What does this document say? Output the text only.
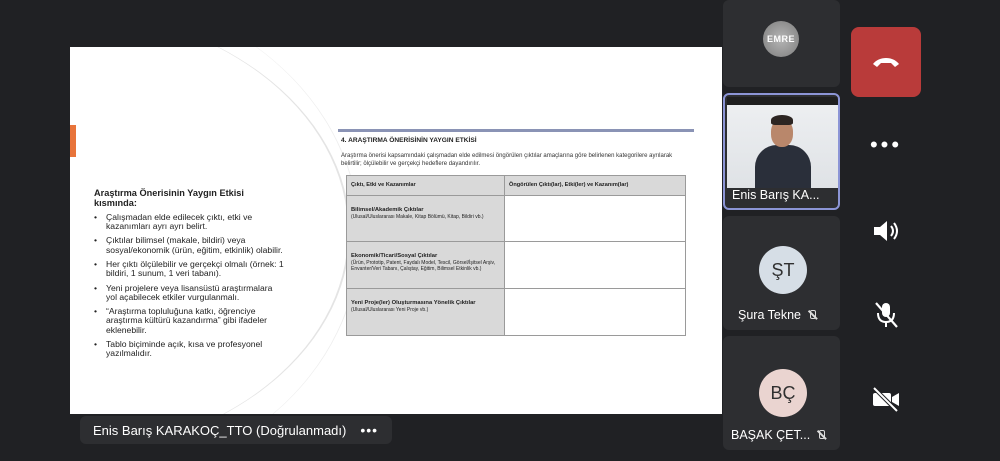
Araştırma Önerisinin Yaygın Etkisi kısmında:
• Çalışmadan elde edilecek çıktı, etki ve kazanımları ayrı ayrı belirt.
• Çıktılar bilimsel (makale, bildiri) veya sosyal/ekonomik (ürün, eğitim, etkinlik) olabilir.
• Her çıktı ölçülebilir ve gerçekçi olmalı (örnek: 1 bildiri, 1 sunum, 1 veri tabanı).
• Yeni projelere veya lisansüstü araştırmalara yol açabilecek etkiler vurgulanmalı.
• “Araştırma topluluğuna katkı, öğrenciye araştırma kültürü kazandırma” gibi ifadeler eklenebilir.
• Tablo biçiminde açık, kısa ve profesyonel yazılmalıdır.
4. ARAŞTIRMA ÖNERİSİNİN YAYGIN ETKİSİ
Araştırma önerisi kapsamındaki çalışmadan elde edilmesi öngörülen çıktılar amaçlarına göre belirlenen kategorilere ayrılarak belirtilir; ölçülebilir ve gerçekçi hedeflere dayandırılır.
Çıktı, Etki ve Kazanımlar	Öngörülen Çıktı(lar), Etki(ler) ve Kazanım(lar)

Bilimsel/Akademik Çıktılar
(Ulusal/Uluslararası Makale, Kitap Bölümü, Kitap, Bildiri vb.)	

Ekonomik/Ticari/Sosyal Çıktılar
(Ürün, Prototip, Patent, Faydalı Model, Tescil, Görsel/İşitsel Arşiv, Envanter/Veri Tabanı, Çalıştay, Eğitim, Bilimsel Etkinlik vb.)	

Yeni Proje(ler) Oluşturmasına Yönelik Çıktılar
(Ulusal/Uluslararası Yeni Proje vb.)	

Enis Barış KARAKOÇ_TTO (Doğrulanmadı) •••
EMRE
Enis Barış KA...
ŞT
Şura Tekne
BÇ
BAŞAK ÇET...
•••
